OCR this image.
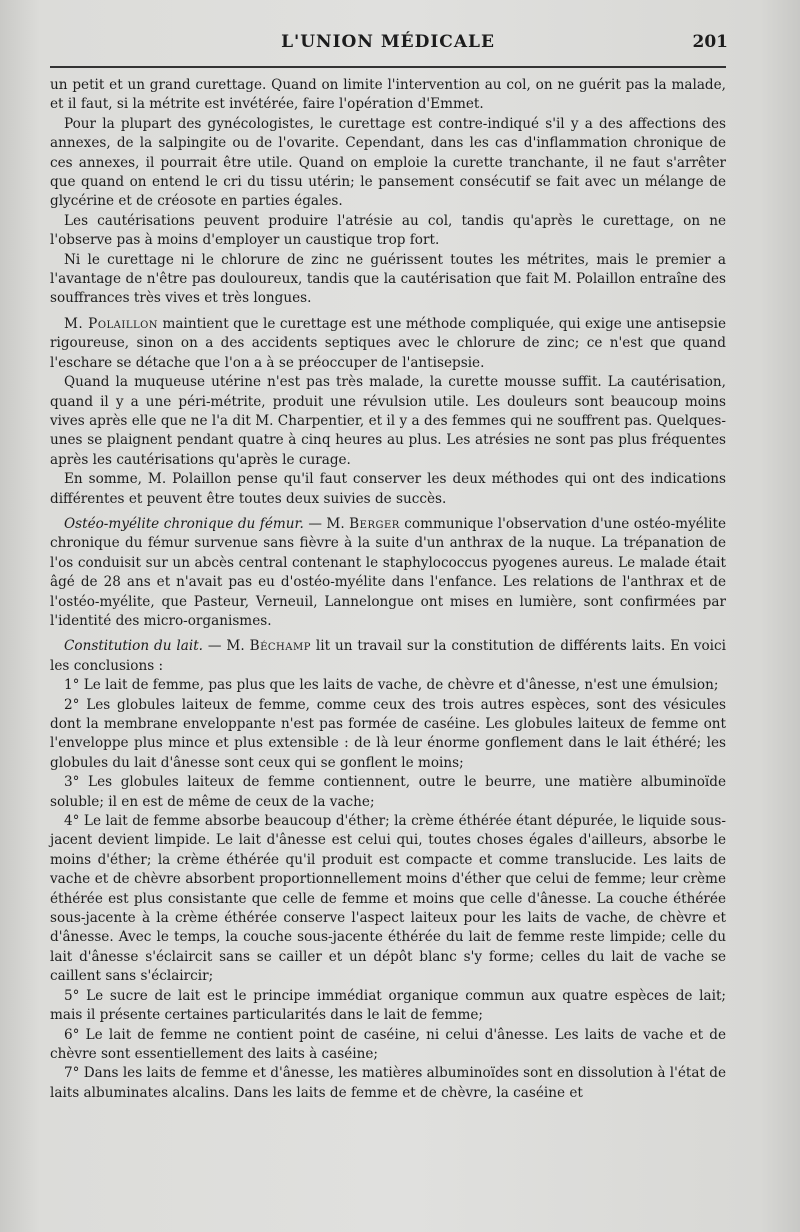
L'UNION MÉDICALE	201

un petit et un grand curettage. Quand on limite l'intervention au col, on ne guérit pas la malade, et il faut, si la métrite est invétérée, faire l'opération d'Emmet.

Pour la plupart des gynécologistes, le curettage est contre-indiqué s'il y a des affections des annexes, de la salpingite ou de l'ovarite. Cependant, dans les cas d'inflammation chronique de ces annexes, il pourrait être utile. Quand on emploie la curette tranchante, il ne faut s'arrêter que quand on entend le cri du tissu utérin; le pansement consécutif se fait avec un mélange de glycérine et de créosote en parties égales.

Les cautérisations peuvent produire l'atrésie au col, tandis qu'après le curettage, on ne l'observe pas à moins d'employer un caustique trop fort.

Ni le curettage ni le chlorure de zinc ne guérissent toutes les métrites, mais le premier a l'avantage de n'être pas douloureux, tandis que la cautérisation que fait M. Polaillon entraîne des souffrances très vives et très longues.

M. Polaillon maintient que le curettage est une méthode compliquée, qui exige une antisepsie rigoureuse, sinon on a des accidents septiques avec le chlorure de zinc; ce n'est que quand l'eschare se détache que l'on a à se préoccuper de l'antisepsie.

Quand la muqueuse utérine n'est pas très malade, la curette mousse suffit. La cautérisation, quand il y a une péri-métrite, produit une révulsion utile. Les douleurs sont beaucoup moins vives après elle que ne l'a dit M. Charpentier, et il y a des femmes qui ne souffrent pas. Quelques-unes se plaignent pendant quatre à cinq heures au plus. Les atrésies ne sont pas plus fréquentes après les cautérisations qu'après le curage.

En somme, M. Polaillon pense qu'il faut conserver les deux méthodes qui ont des indications différentes et peuvent être toutes deux suivies de succès.

Ostéo-myélite chronique du fémur. — M. Berger communique l'observation d'une ostéo-myélite chronique du fémur survenue sans fièvre à la suite d'un anthrax de la nuque. La trépanation de l'os conduisit sur un abcès central contenant le staphylococcus pyogenes aureus. Le malade était âgé de 28 ans et n'avait pas eu d'ostéo-myélite dans l'enfance. Les relations de l'anthrax et de l'ostéo-myélite, que Pasteur, Verneuil, Lannelongue ont mises en lumière, sont confirmées par l'identité des micro-organismes.

Constitution du lait. — M. Béchamp lit un travail sur la constitution de différents laits. En voici les conclusions :

1° Le lait de femme, pas plus que les laits de vache, de chèvre et d'ânesse, n'est une émulsion;

2° Les globules laiteux de femme, comme ceux des trois autres espèces, sont des vésicules dont la membrane enveloppante n'est pas formée de caséine. Les globules laiteux de femme ont l'enveloppe plus mince et plus extensible : de là leur énorme gonflement dans le lait éthéré; les globules du lait d'ânesse sont ceux qui se gonflent le moins;

3° Les globules laiteux de femme contiennent, outre le beurre, une matière albuminoïde soluble; il en est de même de ceux de la vache;

4° Le lait de femme absorbe beaucoup d'éther; la crème éthérée étant dépurée, le liquide sous-jacent devient limpide. Le lait d'ânesse est celui qui, toutes choses égales d'ailleurs, absorbe le moins d'éther; la crème éthérée qu'il produit est compacte et comme translucide. Les laits de vache et de chèvre absorbent proportionnellement moins d'éther que celui de femme; leur crème éthérée est plus consistante que celle de femme et moins que celle d'ânesse. La couche éthérée sous-jacente à la crème éthérée conserve l'aspect laiteux pour les laits de vache, de chèvre et d'ânesse. Avec le temps, la couche sous-jacente éthérée du lait de femme reste limpide; celle du lait d'ânesse s'éclaircit sans se cailler et un dépôt blanc s'y forme; celles du lait de vache se caillent sans s'éclaircir;

5° Le sucre de lait est le principe immédiat organique commun aux quatre espèces de lait; mais il présente certaines particularités dans le lait de femme;

6° Le lait de femme ne contient point de caséine, ni celui d'ânesse. Les laits de vache et de chèvre sont essentiellement des laits à caséine;

7° Dans les laits de femme et d'ânesse, les matières albuminoïdes sont en dissolution à l'état de laits albuminates alcalins. Dans les laits de femme et de chèvre, la caséine et
